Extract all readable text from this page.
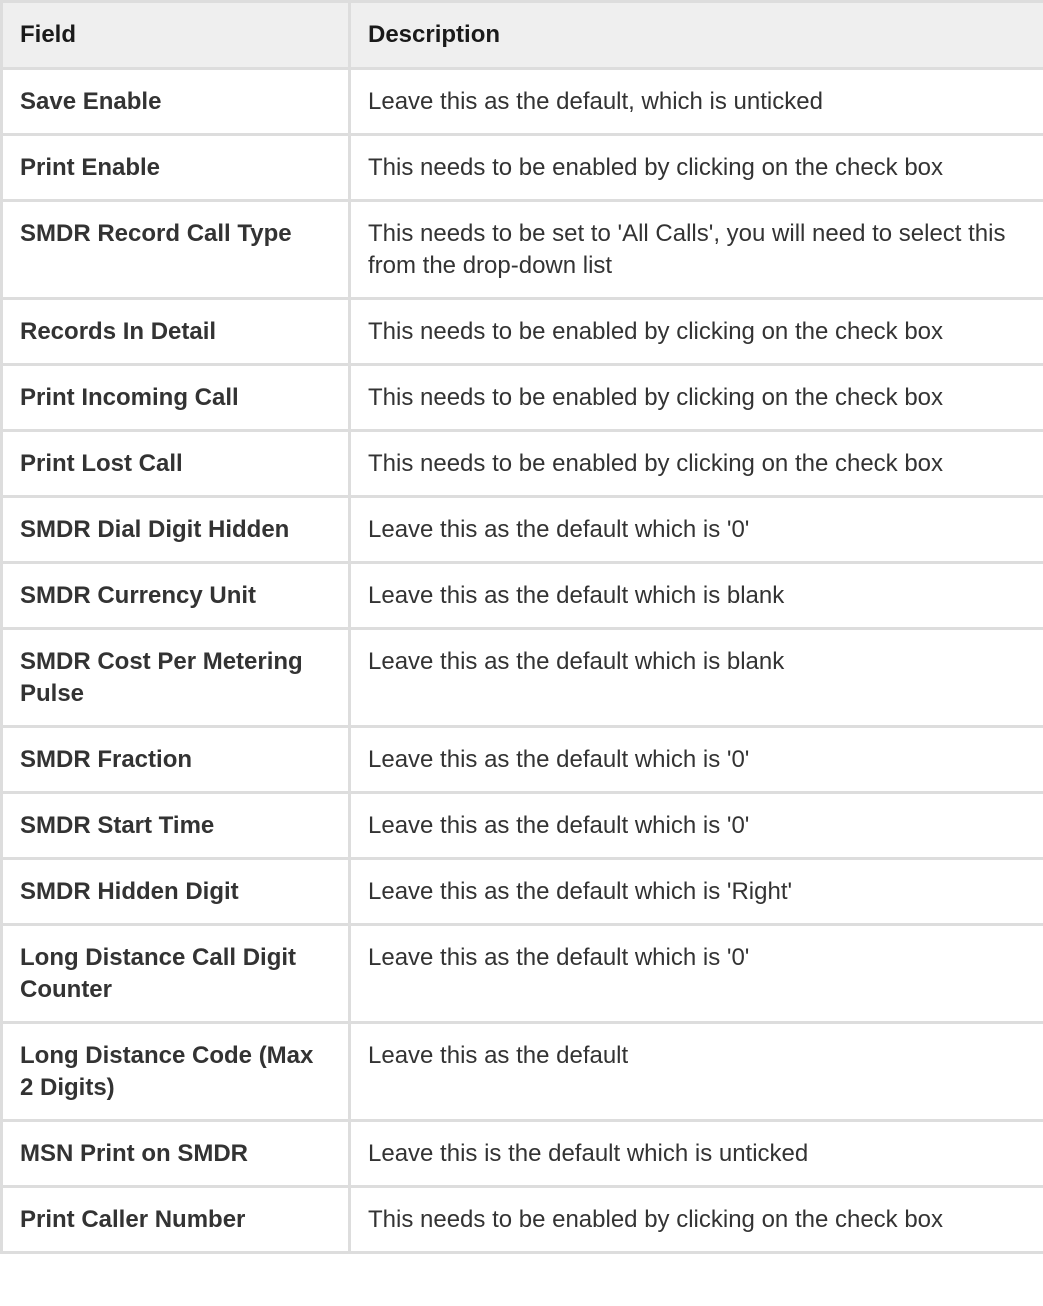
Field	Description
Save Enable	Leave this as the default, which is unticked
Print Enable	This needs to be enabled by clicking on the check box
SMDR Record Call Type	This needs to be set to 'All Calls', you will need to select this from the drop-down list
Records In Detail	This needs to be enabled by clicking on the check box
Print Incoming Call	This needs to be enabled by clicking on the check box
Print Lost Call	This needs to be enabled by clicking on the check box
SMDR Dial Digit Hidden	Leave this as the default which is '0'
SMDR Currency Unit	Leave this as the default which is blank
SMDR Cost Per Metering Pulse	Leave this as the default which is blank
SMDR Fraction	Leave this as the default which is '0'
SMDR Start Time	Leave this as the default which is '0'
SMDR Hidden Digit	Leave this as the default which is 'Right'
Long Distance Call Digit Counter	Leave this as the default which is '0'
Long Distance Code (Max 2 Digits)	Leave this as the default
MSN Print on SMDR	Leave this is the default which is unticked
Print Caller Number	This needs to be enabled by clicking on the check box
